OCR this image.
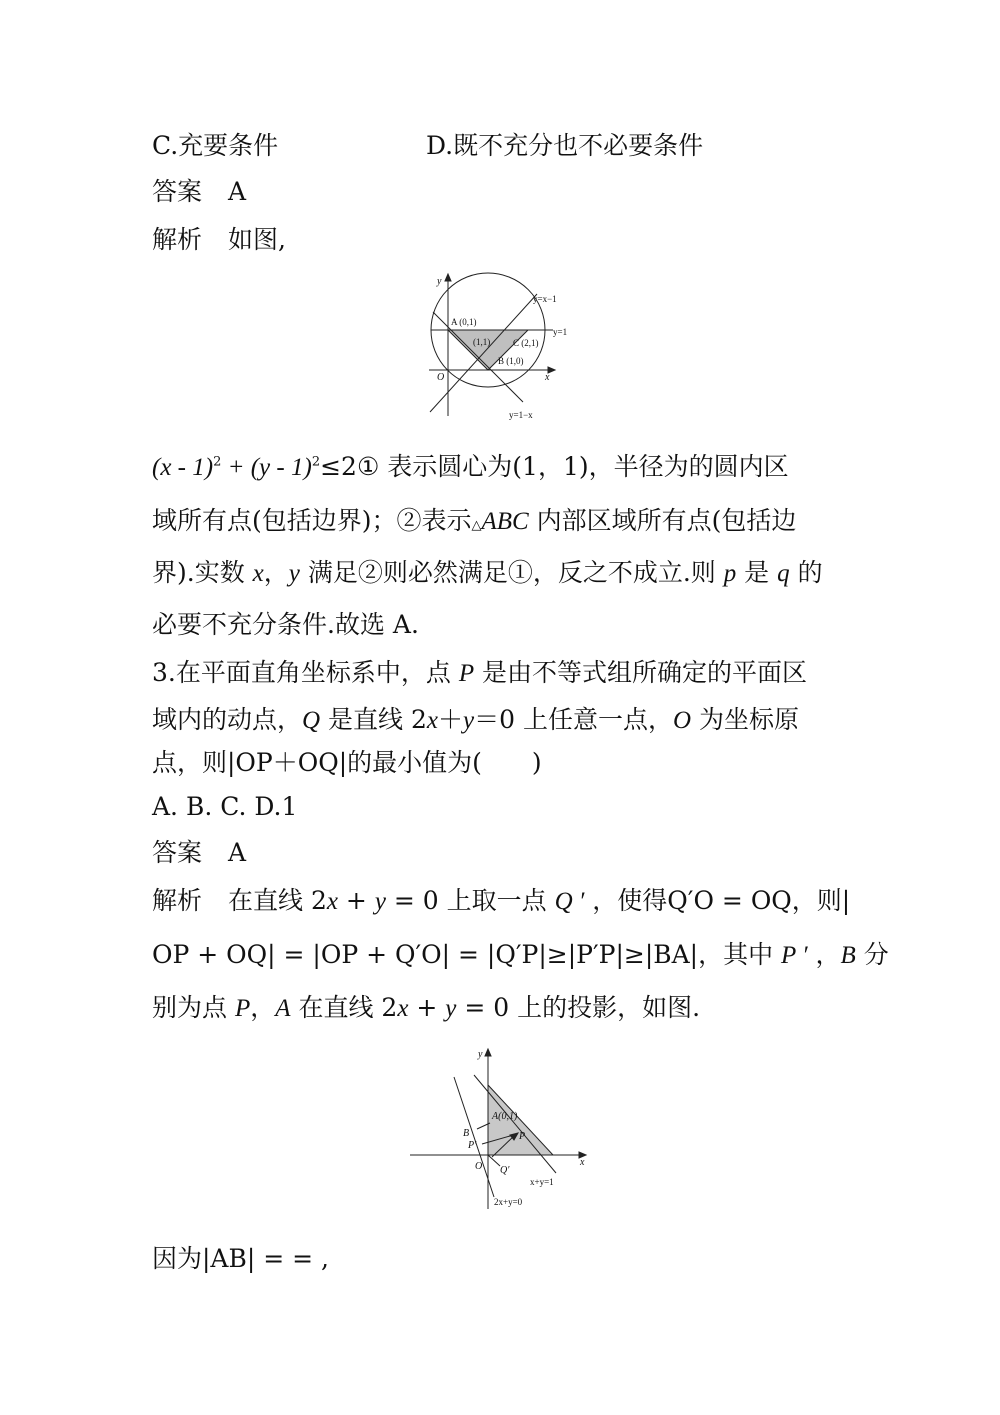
C.充要条件	D.既不充分也不必要条件
答案 A
解析 如图,
y
x
O
y=x−1
y=1
y=1−x
A (0,1)
(1,1)	C (2,1)
B (1,0)
(x - 1)$^2$ + (y - 1)$^2$≤2① 表示圆心为(1，1)，半径为的圆内区
域所有点(包括边界)；②表示△ABC 内部区域所有点(包括边
界).实数 x，y 满足②则必然满足①，反之不成立.则 p 是 q 的
必要不充分条件.故选 A.
3.在平面直角坐标系中，点 P 是由不等式组所确定的平面区
域内的动点，Q 是直线 2x＋y＝0 上任意一点，O 为坐标原
点，则|OP＋OQ|的最小值为(　　)
A. B. C. D.1
答案 A
解析 在直线 2x + y = 0 上取一点 Q ′ ，使得Q′O = OQ，则|
OP + OQ| = |OP + Q′O| = |Q′P|≥|P′P|≥|BA|，其中 P ′ ，B 分
别为点 P，A 在直线 2x + y = 0 上的投影，如图.
y
x
O
A(0,1)
B
P′
P
Q′
x+y=1
2x+y=0
因为|AB| = = ,
